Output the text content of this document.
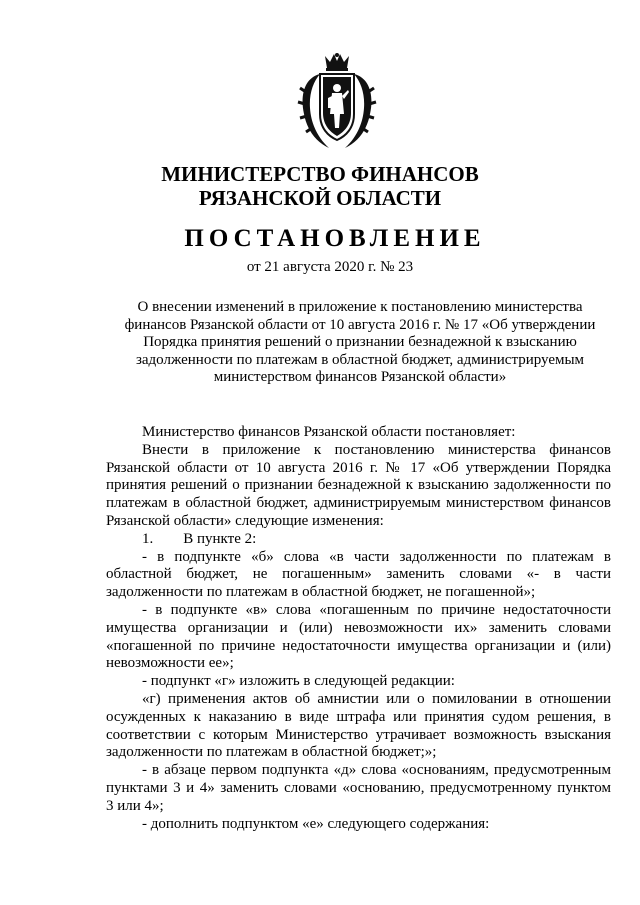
МИНИСТЕРСТВО ФИНАНСОВ
РЯЗАНСКОЙ ОБЛАСТИ
ПОСТАНОВЛЕНИЕ
от 21 августа 2020 г. № 23
О внесении изменений в приложение к постановлению министерства
финансов Рязанской области от 10 августа 2016 г. № 17 «Об утверждении
Порядка принятия решений о признании безнадежной к взысканию
задолженности по платежам в областной бюджет, администрируемым
министерством финансов Рязанской области»
Министерство финансов Рязанской области постановляет:
Внести в приложение к постановлению министерства финансов
Рязанской области от 10 августа 2016 г. № 17 «Об утверждении Порядка
принятия решений о признании безнадежной к взысканию задолженности по
платежам в областной бюджет, администрируемым министерством финансов
Рязанской области» следующие изменения:
1. В пункте 2:
- в подпункте «б» слова «в части задолженности по платежам в
областной бюджет, не погашенным» заменить словами «- в части
задолженности по платежам в областной бюджет, не погашенной»;
- в подпункте «в» слова «погашенным по причине недостаточности
имущества организации и (или) невозможности их» заменить словами
«погашенной по причине недостаточности имущества организации и (или)
невозможности ее»;
- подпункт «г» изложить в следующей редакции:
«г) применения актов об амнистии или о помиловании в отношении
осужденных к наказанию в виде штрафа или принятия судом решения, в
соответствии с которым Министерство утрачивает возможность взыскания
задолженности по платежам в областной бюджет;»;
- в абзаце первом подпункта «д» слова «основаниям, предусмотренным
пунктами 3 и 4» заменить словами «основанию, предусмотренному пунктом
3 или 4»;
- дополнить подпунктом «е» следующего содержания:
